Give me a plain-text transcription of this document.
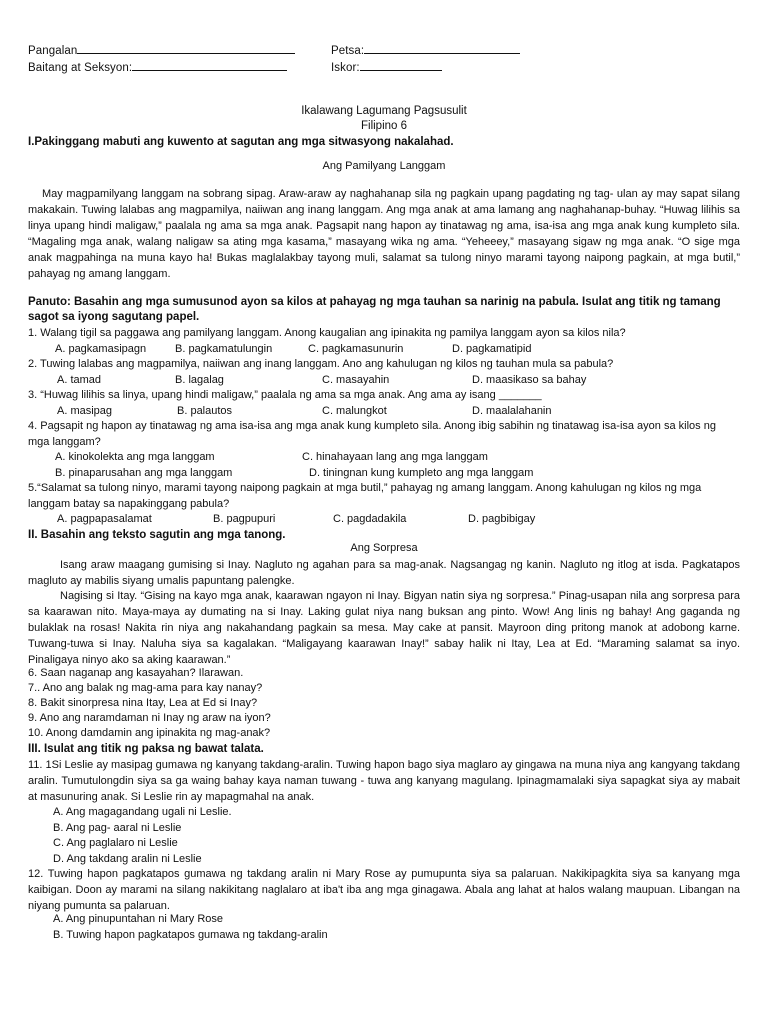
Pangalan	Petsa:
Baitang at Seksyon:	Iskor:
Ikalawang Lagumang Pagsusulit
Filipino 6
I.Pakinggang mabuti ang kuwento at sagutan ang mga sitwasyong nakalahad.
Ang Pamilyang Langgam
May magpamilyang langgam na sobrang sipag. Araw-araw ay naghahanap sila ng pagkain upang pagdating ng tag- ulan ay may sapat silang makakain. Tuwing lalabas ang magpamilya, naiiwan ang inang langgam. Ang mga anak at ama lamang ang naghahanap-buhay. “Huwag lilihis sa linya upang hindi maligaw,” paalala ng ama sa mga anak. Pagsapit nang hapon ay tinatawag ng ama, isa-isa ang mga anak kung kumpleto sila. “Magaling mga anak, walang naligaw sa ating mga kasama,” masayang wika ng ama. “Yeheeey,” masayang sigaw ng mga anak. “O sige mga anak magpahinga na muna kayo ha! Bukas maglalakbay tayong muli, salamat sa tulong ninyo marami tayong naipong pagkain, at mga butil,” pahayag ng amang langgam.
Panuto: Basahin ang mga sumusunod ayon sa kilos at pahayag ng mga tauhan sa narinig na pabula. Isulat ang titik ng tamang sagot sa iyong sagutang papel.
1. Walang tigil sa paggawa ang pamilyang langgam. Anong kaugalian ang ipinakita ng pamilya langgam ayon sa kilos nila?
A. pagkamasipagn	B. pagkamatulungin	C. pagkamasunurin	D. pagkamatipid
2. Tuwing lalabas ang magpamilya, naiiwan ang inang langgam. Ano ang kahulugan ng kilos ng tauhan mula sa pabula?
A. tamad	B. lagalag	C. masayahin	D. maasikaso sa bahay
3. “Huwag lilihis sa linya, upang hindi maligaw,” paalala ng ama sa mga anak. Ang ama ay isang _______
A. masipag	B. palautos	C. malungkot	D. maalalahanin
4. Pagsapit ng hapon ay tinatawag ng ama isa-isa ang mga anak kung kumpleto sila. Anong ibig sabihin ng tinatawag isa-isa ayon sa kilos ng mga langgam?
A. kinokolekta ang mga langgam	C. hinahayaan lang ang mga langgam
B. pinaparusahan ang mga langgam	D. tiningnan kung kumpleto ang mga langgam
5.“Salamat sa tulong ninyo, marami tayong naipong pagkain at mga butil,” pahayag ng amang langgam. Anong kahulugan ng kilos ng mga langgam batay sa napakinggang pabula?
A. pagpapasalamat	B. pagpupuri	C. pagdadakila	D. pagbibigay
II. Basahin ang teksto sagutin ang mga tanong.
Ang Sorpresa
Isang araw maagang gumising si Inay. Nagluto ng agahan para sa mag-anak. Nagsangag ng kanin. Nagluto ng itlog at isda. Pagkatapos magluto ay mabilis siyang umalis papuntang palengke.
Nagising si Itay. “Gising na kayo mga anak, kaarawan ngayon ni Inay. Bigyan natin siya ng sorpresa.” Pinag-usapan nila ang sorpresa para sa kaarawan nito. Maya-maya ay dumating na si Inay. Laking gulat niya nang buksan ang pinto. Wow! Ang linis ng bahay! Ang gaganda ng bulaklak na rosas! Nakita rin niya ang nakahandang pagkain sa mesa. May cake at pansit. Mayroon ding pritong manok at adobong karne. Tuwang-tuwa si Inay. Naluha siya sa kagalakan. “Maligayang kaarawan Inay!” sabay halik ni Itay, Lea at Ed. “Maraming salamat sa inyo. Pinaligaya ninyo ako sa aking kaarawan.”
6. Saan naganap ang kasayahan? Ilarawan.
7.. Ano ang balak ng mag-ama para kay nanay?
8. Bakit sinorpresa nina Itay, Lea at Ed si Inay?
9. Ano ang naramdaman ni Inay ng araw na iyon?
10. Anong damdamin ang ipinakita ng mag-anak?
III. Isulat ang titik ng paksa ng bawat talata.
11. 1Si Leslie ay masipag gumawa ng kanyang takdang-aralin. Tuwing hapon bago siya maglaro ay gingawa na muna niya ang kangyang takdang aralin. Tumutulongdin siya sa ga waing bahay kaya naman tuwang - tuwa ang kanyang magulang. Ipinagmamalaki siya sapagkat siya ay mabait at masunuring anak. Si Leslie rin ay mapagmahal na anak.
A. Ang magagandang ugali ni Leslie.
B. Ang pag- aaral ni Leslie
C. Ang paglalaro ni Leslie
D. Ang takdang aralin ni Leslie
12. Tuwing hapon pagkatapos gumawa ng takdang aralin ni Mary Rose ay pumupunta siya sa palaruan. Nakikipagkita siya sa kanyang mga kaibigan. Doon ay marami na silang nakikitang naglalaro at iba't iba ang mga ginagawa. Abala ang lahat at halos walang maupuan. Libangan na niyang pumunta sa palaruan.
A. Ang pinupuntahan ni Mary Rose
B. Tuwing hapon pagkatapos gumawa ng takdang-aralin
